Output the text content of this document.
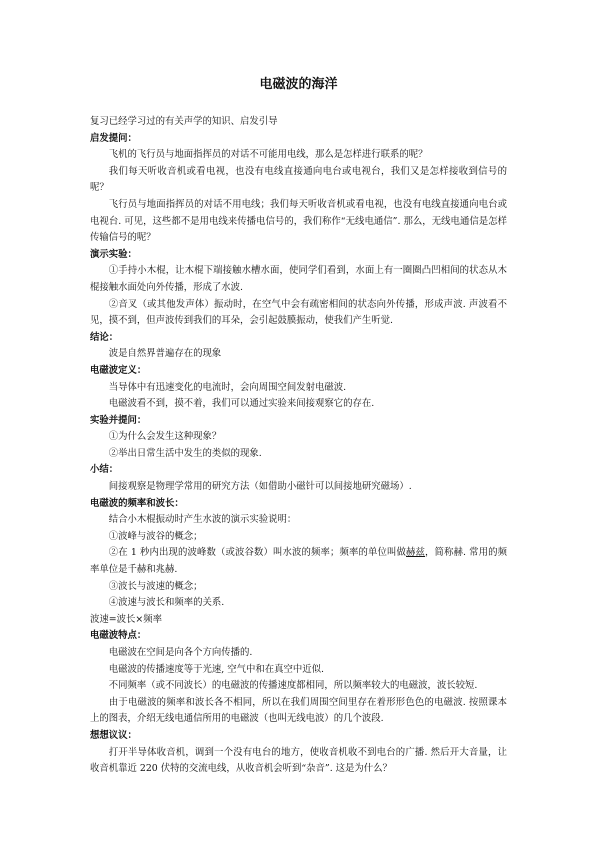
电磁波的海洋

复习已经学习过的有关声学的知识、启发引导

启发提问：

飞机的飞行员与地面指挥员的对话不可能用电线，那么是怎样进行联系的呢？

我们每天听收音机或看电视，也没有电线直接通向电台或电视台，我们又是怎样接收到信号的呢？

飞行员与地面指挥员的对话不用电线；我们每天听收音机或看电视，也没有电线直接通向电台或电视台. 可见，这些都不是用电线来传播电信号的，我们称作“无线电通信”. 那么，无线电通信是怎样传输信号的呢？

演示实验：

①手持小木棍，让木棍下端接触水槽水面，使同学们看到，水面上有一圈圈凸凹相间的状态从木棍接触水面处向外传播，形成了水波.

②音叉（或其他发声体）振动时，在空气中会有疏密相间的状态向外传播，形成声波. 声波看不见，摸不到，但声波传到我们的耳朵，会引起鼓膜振动，使我们产生听觉.

结论：

波是自然界普遍存在的现象

电磁波定义：

当导体中有迅速变化的电流时，会向周围空间发射电磁波.

电磁波看不到，摸不着，我们可以通过实验来间接观察它的存在.

实验并提问：

①为什么会发生这种现象？

②举出日常生活中发生的类似的现象.

小结：

间接观察是物理学常用的研究方法（如借助小磁针可以间接地研究磁场）.

电磁波的频率和波长：

结合小木棍振动时产生水波的演示实验说明：

①波峰与波谷的概念；

②在 1 秒内出现的波峰数（或波谷数）叫水波的频率；频率的单位叫做赫兹，简称赫. 常用的频率单位是千赫和兆赫.

③波长与波速的概念；

④波速与波长和频率的关系.

波速=波长×频率

电磁波特点：

电磁波在空间是向各个方向传播的.

电磁波的传播速度等于光速, 空气中和在真空中近似.

不同频率（或不同波长）的电磁波的传播速度都相同，所以频率较大的电磁波，波长较短.

由于电磁波的频率和波长各不相同，所以在我们周围空间里存在着形形色色的电磁波. 按照课本上的图表，介绍无线电通信所用的电磁波（也叫无线电波）的几个波段.

想想议议：

打开半导体收音机，调到一个没有电台的地方，使收音机收不到电台的广播. 然后开大音量，让收音机靠近 220 伏特的交流电线，从收音机会听到“杂音”. 这是为什么？
